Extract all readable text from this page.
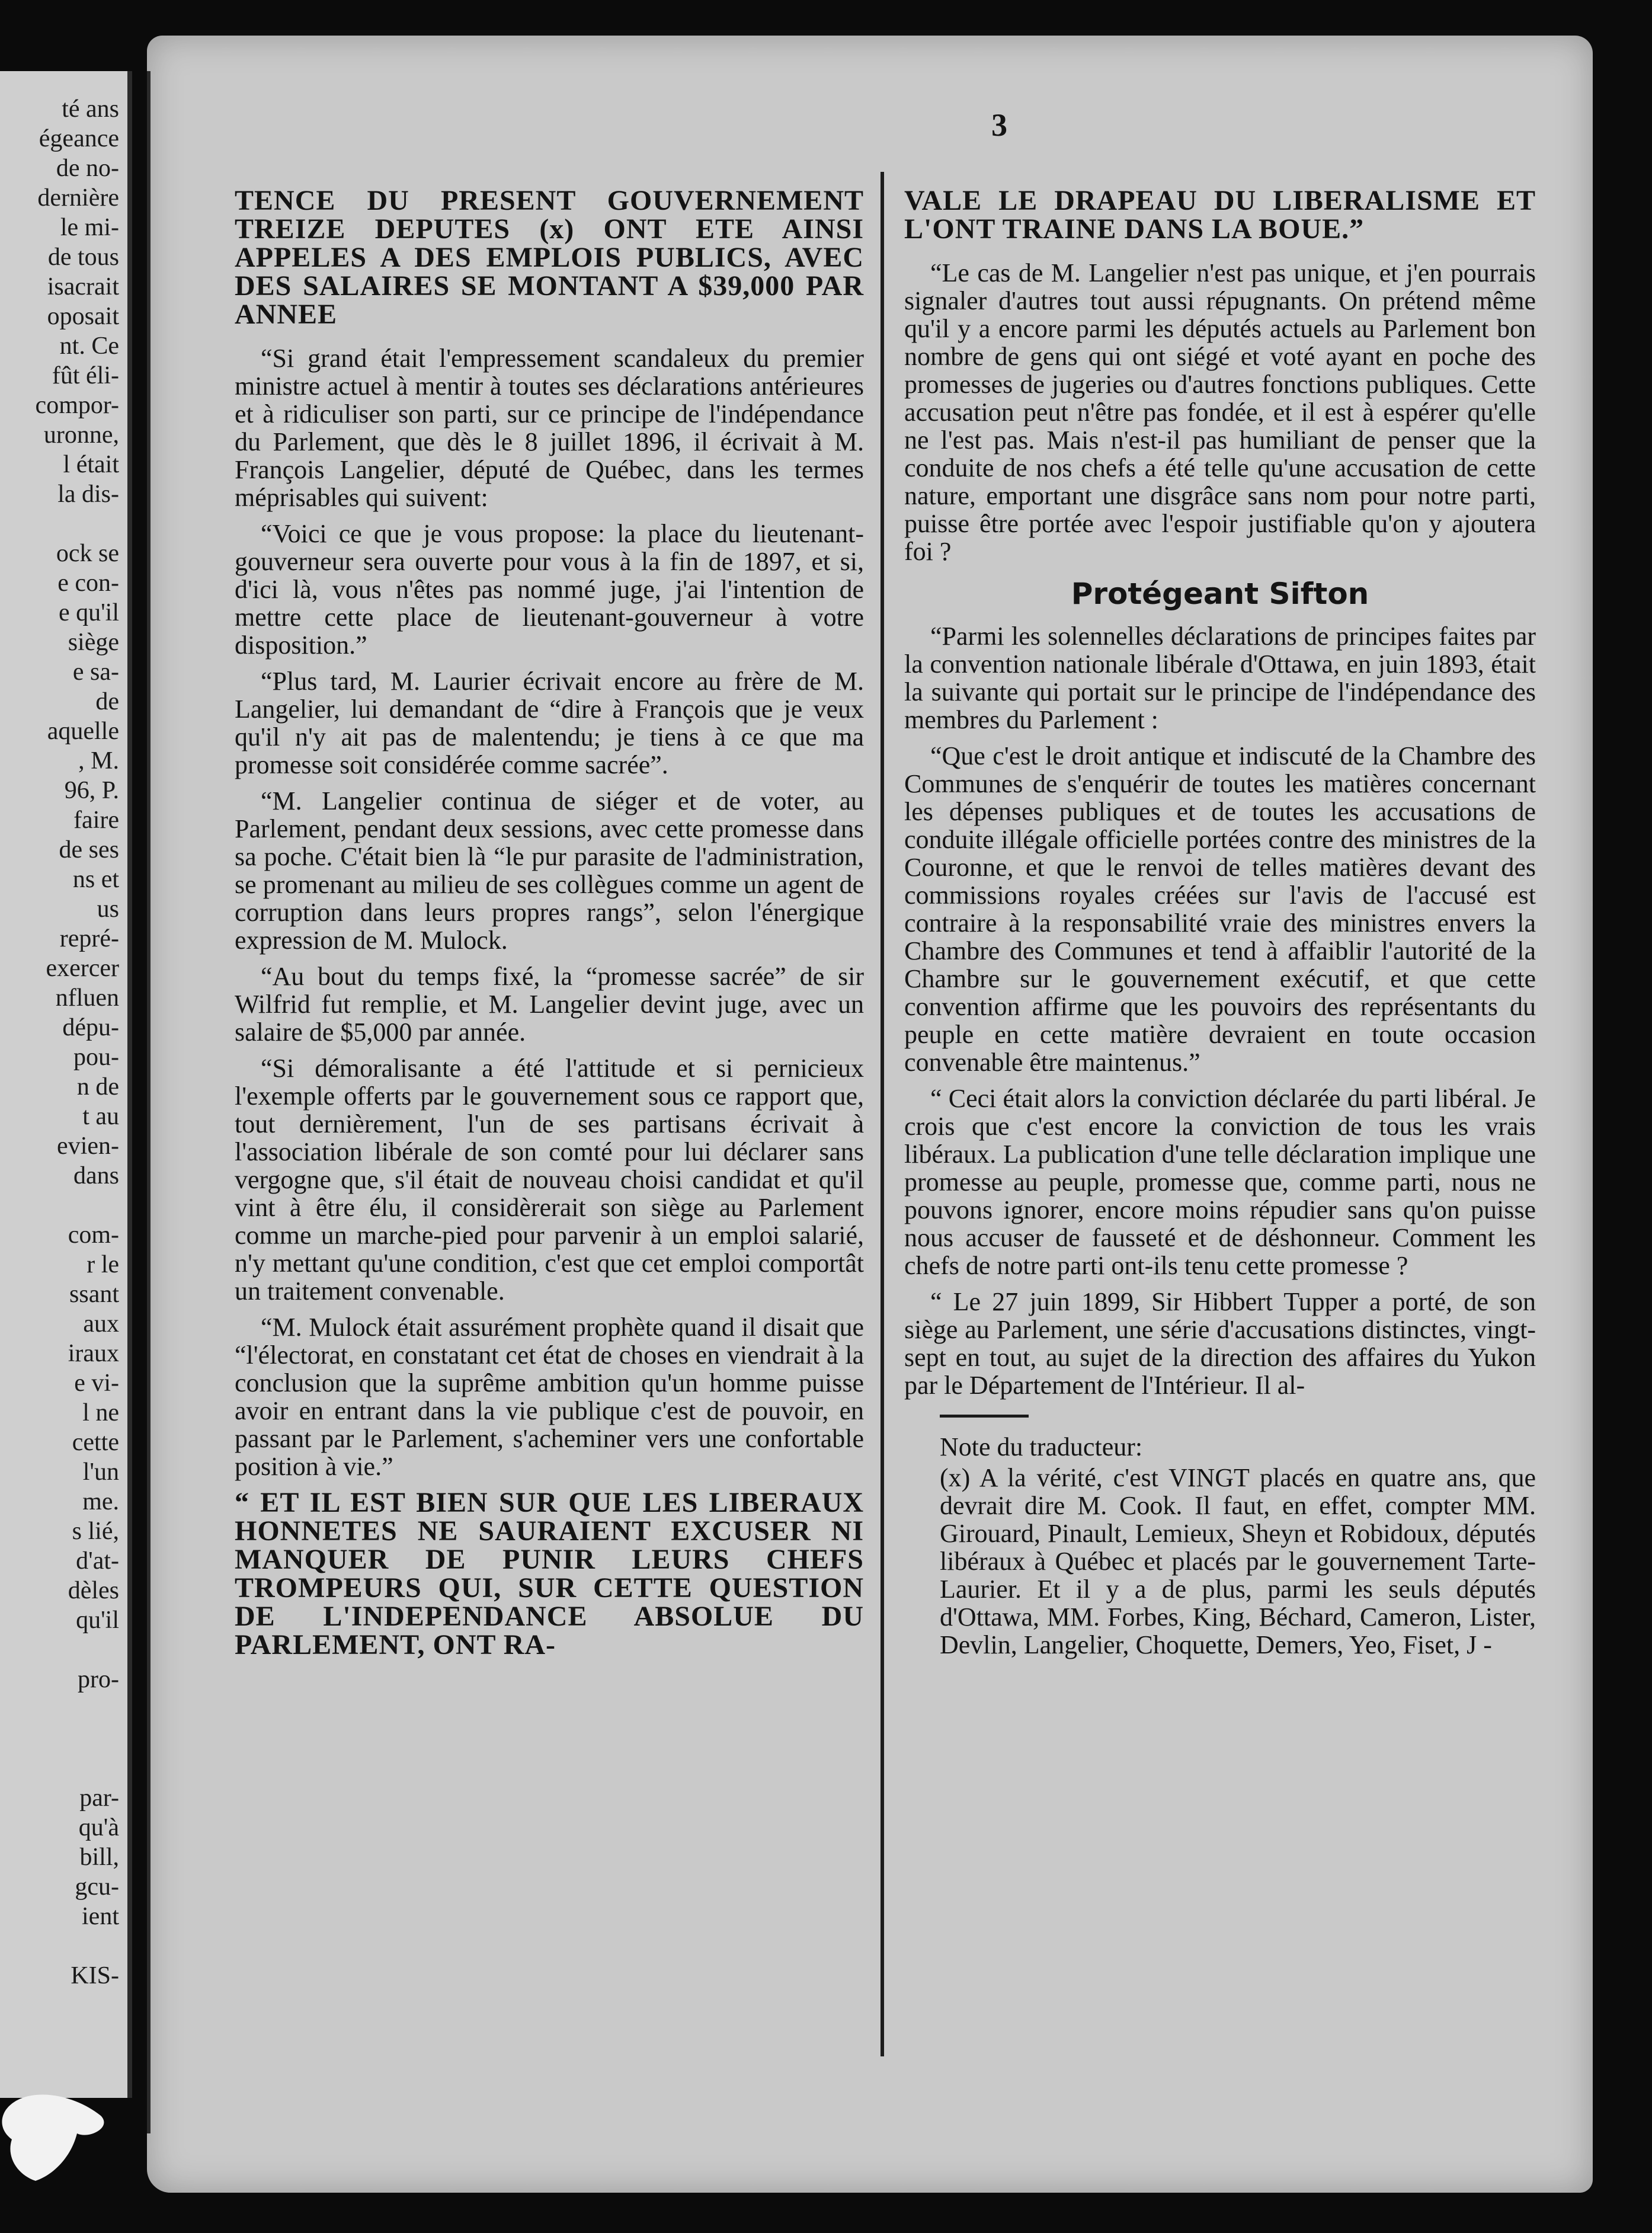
té ans
égeance
de no-
dernière
le mi-
de tous
isacrait
oposait
nt. Ce
fût éli-
compor-
uronne,
l était
la dis-
ock se
e con-
e qu'il
siège
e sa-
de
aquelle
, M.
96, P.
faire
de ses
ns et
us
repré-
exercer
nfluen
dépu-
pou-
n de
t au
evien-
dans
com-
r le
ssant
aux
iraux
e vi-
l ne
cette
l'un
me.
s lié,
d'at-
dèles
qu'il
pro-
par-
qu'à
bill,
gcu-
ient
KIS-
3

TENCE DU PRESENT GOUVERNEMENT TREIZE DEPUTES (x) ONT ETE AINSI APPELES A DES EMPLOIS PUBLICS, AVEC DES SALAIRES SE MONTANT A $39,000 PAR ANNEE

“Si grand était l'empressement scandaleux du premier ministre actuel à mentir à toutes ses déclarations antérieures et à ridiculiser son parti, sur ce principe de l'indépendance du Parlement, que dès le 8 juillet 1896, il écrivait à M. François Langelier, député de Québec, dans les termes méprisables qui suivent:

“Voici ce que je vous propose: la place du lieutenant-gouverneur sera ouverte pour vous à la fin de 1897, et si, d'ici là, vous n'êtes pas nommé juge, j'ai l'intention de mettre cette place de lieutenant-gouverneur à votre disposition.”

“Plus tard, M. Laurier écrivait encore au frère de M. Langelier, lui demandant de “dire à François que je veux qu'il n'y ait pas de malentendu; je tiens à ce que ma promesse soit considérée comme sacrée”.

“M. Langelier continua de siéger et de voter, au Parlement, pendant deux sessions, avec cette promesse dans sa poche. C'était bien là “le pur parasite de l'administration, se promenant au milieu de ses collègues comme un agent de corruption dans leurs propres rangs”, selon l'énergique expression de M. Mulock.

“Au bout du temps fixé, la “promesse sacrée” de sir Wilfrid fut remplie, et M. Langelier devint juge, avec un salaire de $5,000 par année.

“Si démoralisante a été l'attitude et si pernicieux l'exemple offerts par le gouvernement sous ce rapport que, tout dernièrement, l'un de ses partisans écrivait à l'association libérale de son comté pour lui déclarer sans vergogne que, s'il était de nouveau choisi candidat et qu'il vint à être élu, il considèrerait son siège au Parlement comme un marche-pied pour parvenir à un emploi salarié, n'y mettant qu'une condition, c'est que cet emploi comportât un traitement convenable.

“M. Mulock était assurément prophète quand il disait que “l'électorat, en constatant cet état de choses en viendrait à la conclusion que la suprême ambition qu'un homme puisse avoir en entrant dans la vie publique c'est de pouvoir, en passant par le Parlement, s'acheminer vers une confortable position à vie.”

“ ET IL EST BIEN SUR QUE LES LIBERAUX HONNETES NE SAURAIENT EXCUSER NI MANQUER DE PUNIR LEURS CHEFS TROMPEURS QUI, SUR CETTE QUESTION DE L'INDEPENDANCE ABSOLUE DU PARLEMENT, ONT RA-

VALE LE DRAPEAU DU LIBERALISME ET L'ONT TRAINE DANS LA BOUE.”

“Le cas de M. Langelier n'est pas unique, et j'en pourrais signaler d'autres tout aussi répugnants. On prétend même qu'il y a encore parmi les députés actuels au Parlement bon nombre de gens qui ont siégé et voté ayant en poche des promesses de jugeries ou d'autres fonctions publiques. Cette accusation peut n'être pas fondée, et il est à espérer qu'elle ne l'est pas. Mais n'est-il pas humiliant de penser que la conduite de nos chefs a été telle qu'une accusation de cette nature, emportant une disgrâce sans nom pour notre parti, puisse être portée avec l'espoir justifiable qu'on y ajoutera foi ?

Protégeant Sifton

“Parmi les solennelles déclarations de principes faites par la convention nationale libérale d'Ottawa, en juin 1893, était la suivante qui portait sur le principe de l'indépendance des membres du Parlement :

“Que c'est le droit antique et indiscuté de la Chambre des Communes de s'enquérir de toutes les matières concernant les dépenses publiques et de toutes les accusations de conduite illégale officielle portées contre des ministres de la Couronne, et que le renvoi de telles matières devant des commissions royales créées sur l'avis de l'accusé est contraire à la responsabilité vraie des ministres envers la Chambre des Communes et tend à affaiblir l'autorité de la Chambre sur le gouvernement exécutif, et que cette convention affirme que les pouvoirs des représentants du peuple en cette matière devraient en toute occasion convenable être maintenus.”

“ Ceci était alors la conviction déclarée du parti libéral. Je crois que c'est encore la conviction de tous les vrais libéraux. La publication d'une telle déclaration implique une promesse au peuple, promesse que, comme parti, nous ne pouvons ignorer, encore moins répudier sans qu'on puisse nous accuser de fausseté et de déshonneur. Comment les chefs de notre parti ont-ils tenu cette promesse ?

“ Le 27 juin 1899, Sir Hibbert Tupper a porté, de son siège au Parlement, une série d'accusations distinctes, vingt-sept en tout, au sujet de la direction des affaires du Yukon par le Département de l'Intérieur. Il al-

Note du traducteur:

(x) A la vérité, c'est VINGT placés en quatre ans, que devrait dire M. Cook. Il faut, en effet, compter MM. Girouard, Pinault, Lemieux, Sheyn et Robidoux, députés libéraux à Québec et placés par le gouvernement Tarte-Laurier. Et il y a de plus, parmi les seuls députés d'Ottawa, MM. Forbes, King, Béchard, Cameron, Lister, Devlin, Langelier, Choquette, Demers, Yeo, Fiset, J -
